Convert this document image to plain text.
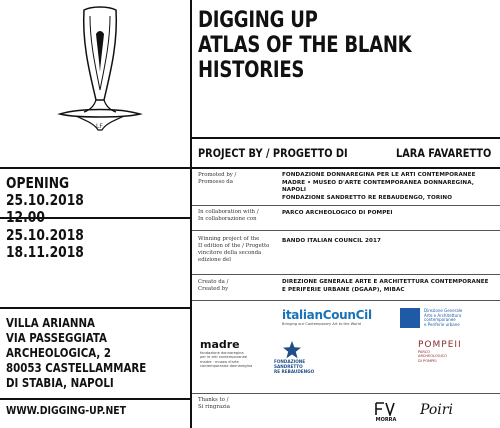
LF
DIGGING UP
ATLAS OF THE BLANK
HISTORIES
PROJECT BY / PROGETTO DI	LARA FAVARETTO
OPENING
25.10.2018
12.00
25.10.2018
18.11.2018
VILLA ARIANNA
VIA PASSEGGIATA
ARCHEOLOGICA, 2
80053 CASTELLAMMARE
DI STABIA, NAPOLI
WWW.DIGGING-UP.NET
Promoted by /
Promosso da
FONDAZIONE DONNAREGINA PER LE ARTI CONTEMPORANEE
MADRE • MUSEO D'ARTE CONTEMPORANEA DONNAREGINA, NAPOLI
FONDAZIONE SANDRETTO RE REBAUDENGO, TORINO
In collaboration with /
In collaborazione con
PARCO ARCHEOLOGICO DI POMPEI
Winning project of the
II edition of the / Progetto
vincitore della seconda
edizione del
BANDO ITALIAN COUNCIL 2017
Creato da /
Created by
DIREZIONE GENERALE ARTE E ARCHITETTURA CONTEMPORANEE
E PERIFERIE URBANE (DGAAP), MIBAC
Thanks to /
Si ringrazia
italianCounCil
Bringing our Contemporary Art to the World
Direzione Generale
Arte e Architettura
contemporanee
e Periferie urbane
madre
fondazione donnaregina
per le arti contemporanee
madre · museo d'arte
contemporanea donnaregina
FONDAZIONE
SANDRETTO
RE REBAUDENGO
POMPEII
PARCO
ARCHEOLOGICO
DI POMPEI
MORRA
Poiri
